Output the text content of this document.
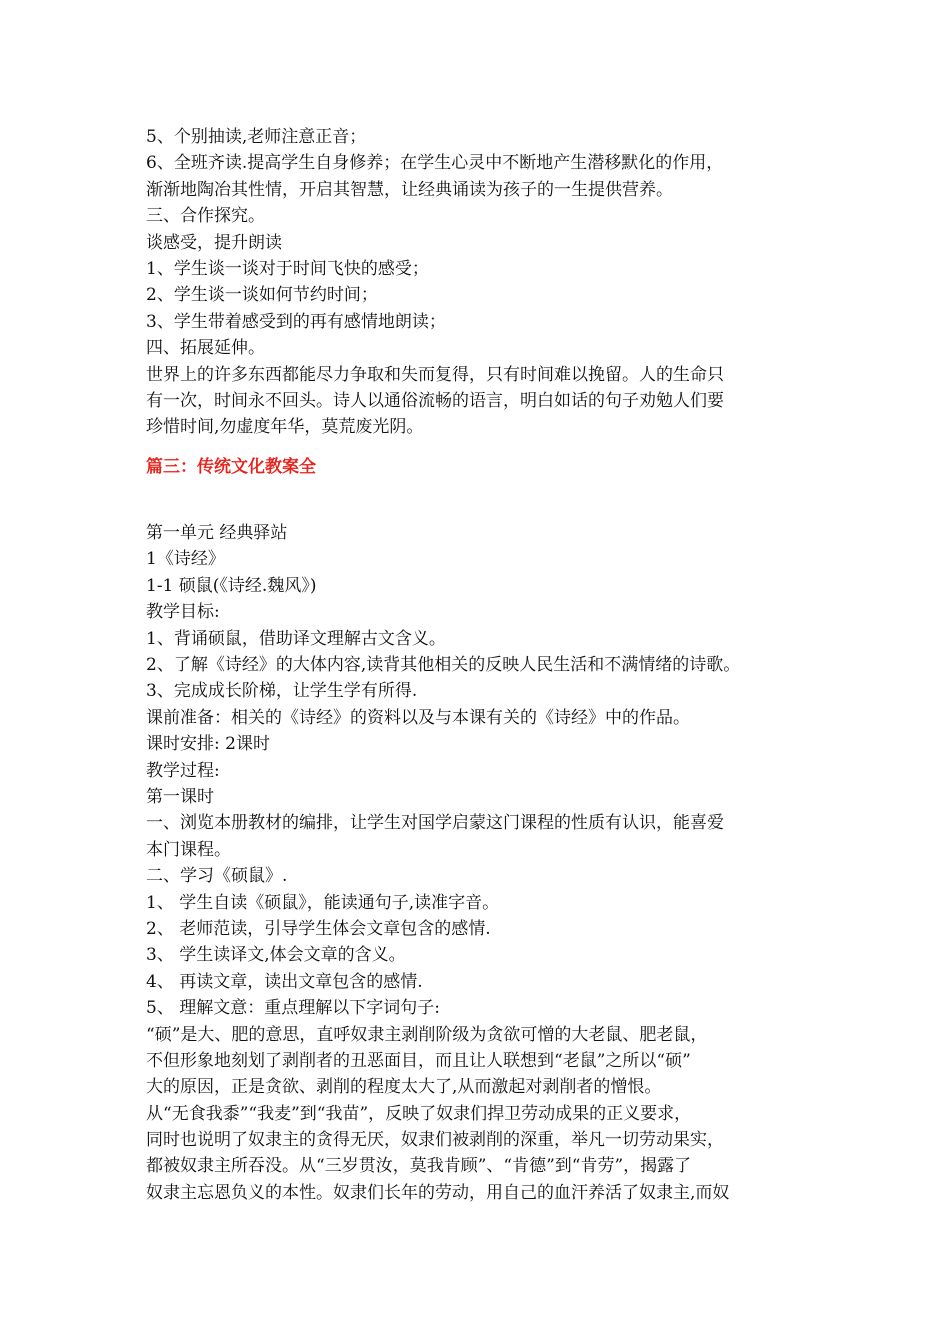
5、个别抽读,老师注意正音；
6、全班齐读.提高学生自身修养；在学生心灵中不断地产生潜移默化的作用，
渐渐地陶冶其性情，开启其智慧，让经典诵读为孩子的一生提供营养。
三、合作探究。
谈感受，提升朗读
1、学生谈一谈对于时间飞快的感受；
2、学生谈一谈如何节约时间；
3、学生带着感受到的再有感情地朗读；
四、拓展延伸。
世界上的许多东西都能尽力争取和失而复得，只有时间难以挽留。人的生命只
有一次，时间永不回头。诗人以通俗流畅的语言，明白如话的句子劝勉人们要
珍惜时间,勿虚度年华，莫荒废光阴。
篇三：传统文化教案全
第一单元 经典驿站
1《诗经》
1-1 硕鼠(《诗经.魏风》)
教学目标:
1、背诵硕鼠，借助译文理解古文含义。
2、了解《诗经》的大体内容,读背其他相关的反映人民生活和不满情绪的诗歌。
3、完成成长阶梯，让学生学有所得.
课前准备：相关的《诗经》的资料以及与本课有关的《诗经》中的作品。
课时安排: 2课时
教学过程:
第一课时
一、浏览本册教材的编排，让学生对国学启蒙这门课程的性质有认识，能喜爱
本门课程。
二、学习《硕鼠》.
1、 学生自读《硕鼠》，能读通句子,读准字音。
2、 老师范读，引导学生体会文章包含的感情.
3、 学生读译文,体会文章的含义。
4、 再读文章，读出文章包含的感情.
5、 理解文意：重点理解以下字词句子:
“硕”是大、肥的意思，直呼奴隶主剥削阶级为贪欲可憎的大老鼠、肥老鼠，
不但形象地刻划了剥削者的丑恶面目，而且让人联想到“老鼠”之所以“硕”
大的原因，正是贪欲、剥削的程度太大了,从而激起对剥削者的憎恨。
从“无食我黍”“我麦”到“我苗”，反映了奴隶们捍卫劳动成果的正义要求，
同时也说明了奴隶主的贪得无厌，奴隶们被剥削的深重，举凡一切劳动果实，
都被奴隶主所吞没。从“三岁贯汝，莫我肯顾”、“肯德”到“肯劳”，揭露了
奴隶主忘恩负义的本性。奴隶们长年的劳动，用自己的血汗养活了奴隶主,而奴
